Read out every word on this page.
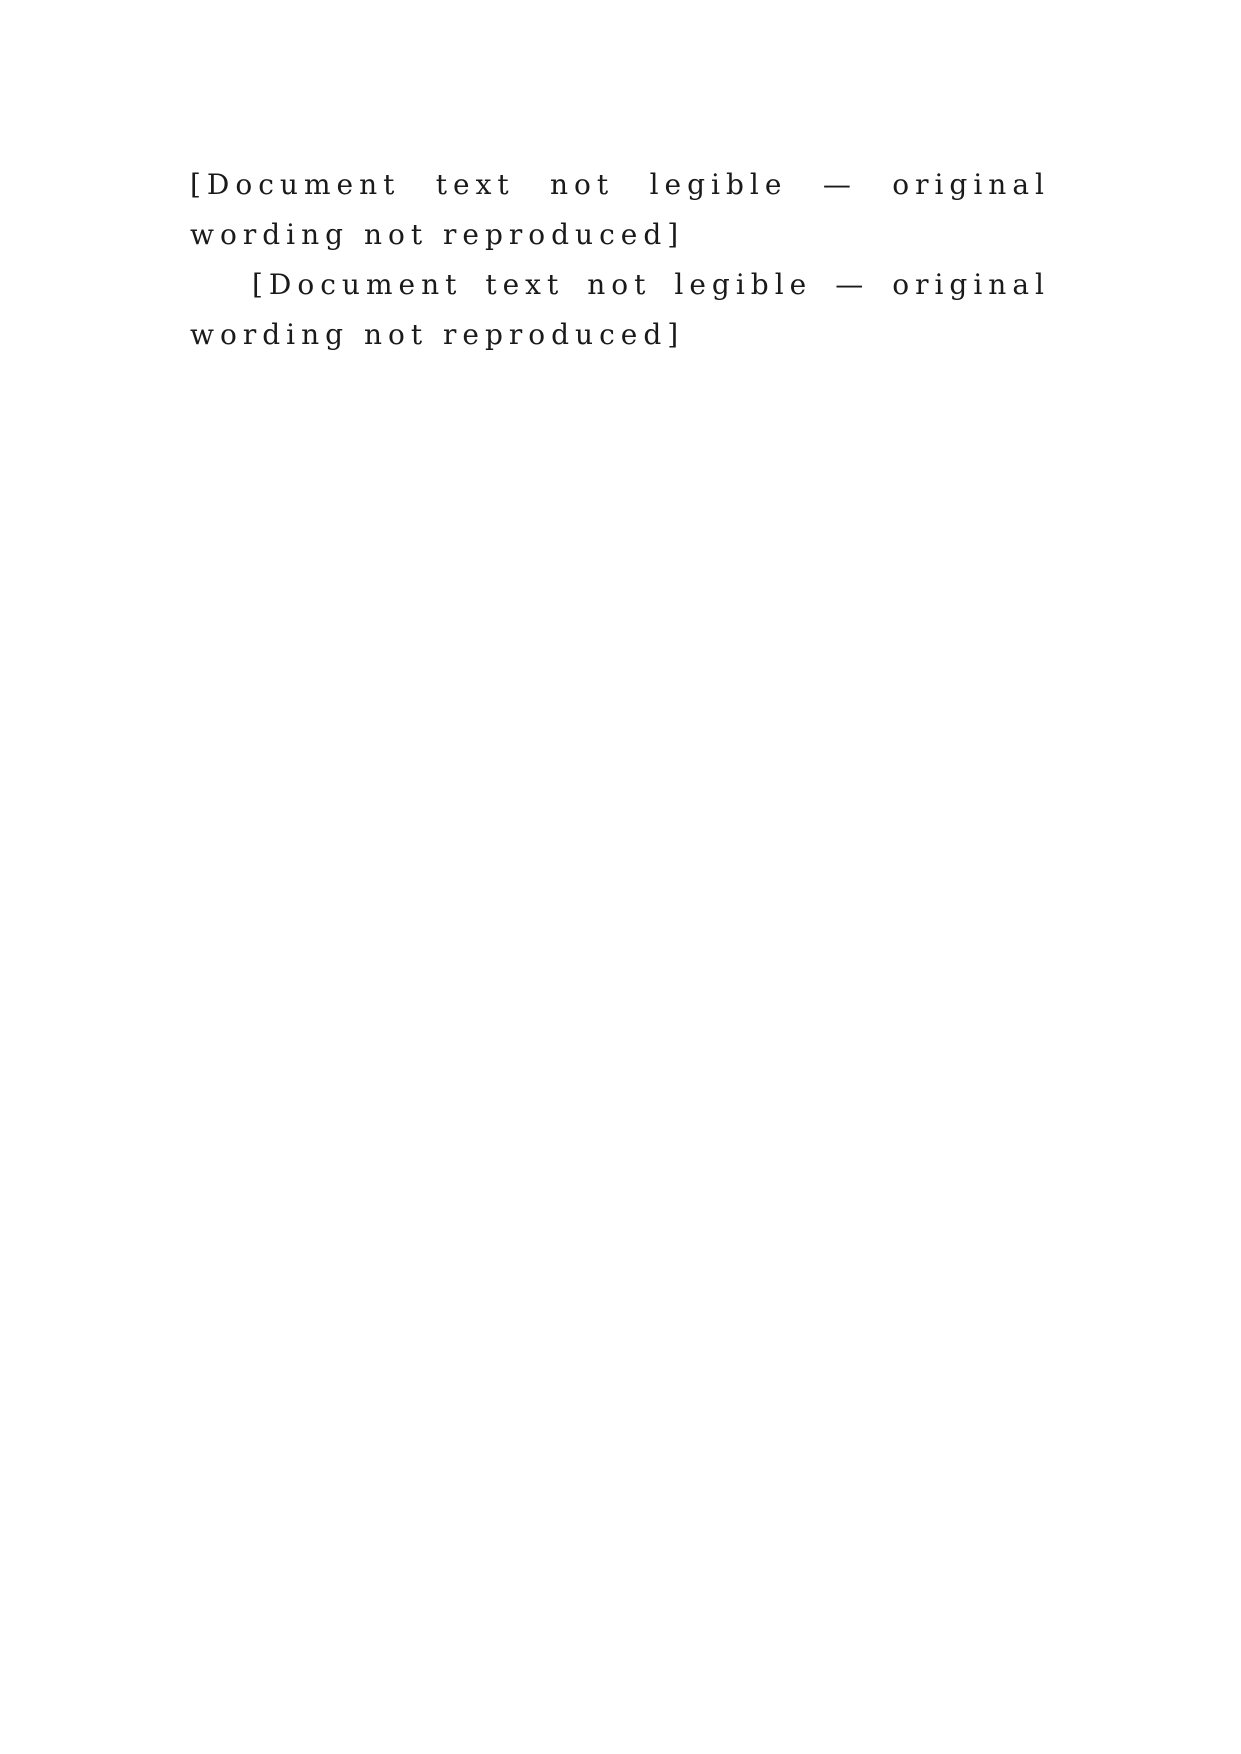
[Document text not legible — original wording not reproduced]

[Document text not legible — original wording not reproduced]
